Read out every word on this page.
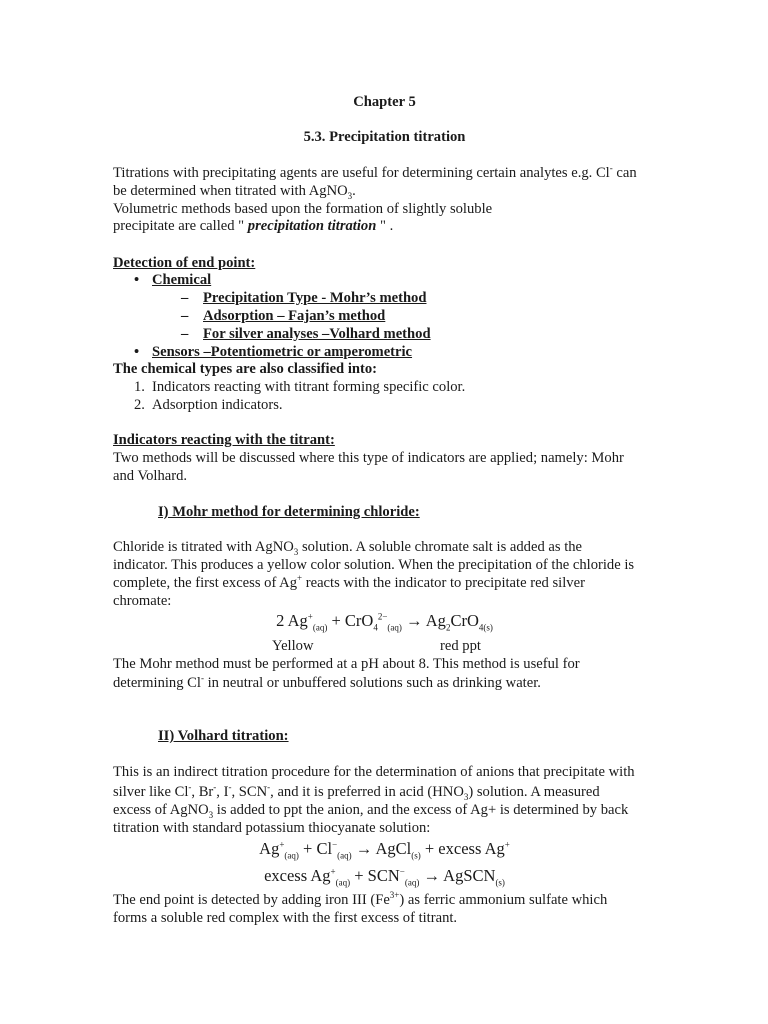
Chapter 5
5.3. Precipitation titration
Titrations with precipitating agents are useful for determining certain analytes e.g. Cl- can
be determined when titrated with AgNO$_3$.
Volumetric methods based upon the formation of slightly soluble
precipitate are called " precipitation titration " .
Detection of end point:
• Chemical
– Precipitation Type - Mohr’s method
– Adsorption – Fajan’s method
– For silver analyses –Volhard method
• Sensors –Potentiometric or amperometric
The chemical types are also classified into:
1. Indicators reacting with titrant forming specific color.
2. Adsorption indicators.
Indicators reacting with the titrant:
Two methods will be discussed where this type of indicators are applied; namely: Mohr
and Volhard.
I) Mohr method for determining chloride:
Chloride is titrated with AgNO$_3$ solution. A soluble chromate salt is added as the
indicator. This produces a yellow color solution. When the precipitation of the chloride is
complete, the first excess of Ag+ reacts with the indicator to precipitate red silver
chromate:
2 $Ag^+_{(aq)} + CrO_4^{2-}_{(aq)} \to Ag_2CrO_{4(s)}$
Yellow	red ppt
The Mohr method must be performed at a pH about 8. This method is useful for
determining Cl- in neutral or unbuffered solutions such as drinking water.
II) Volhard titration:
This is an indirect titration procedure for the determination of anions that precipitate with
silver like Cl-, Br-, I-, SCN-, and it is preferred in acid $(HNO_3)$ solution. A measured
excess of AgNO$_3$ is added to ppt the anion, and the excess of Ag+ is determined by back
titration with standard potassium thiocyanate solution:
$Ag^+_{(aq)} + Cl^-_{(aq)}$ → AgCl$_{(s)}$ + excess Ag+
excess $Ag^+_{(aq)} + SCN^-_{(aq)}$ → AgSCN$_{(s)}$
The end point is detected by adding iron III $(Fe^{3+})$ as ferric ammonium sulfate which
forms a soluble red complex with the first excess of titrant.
